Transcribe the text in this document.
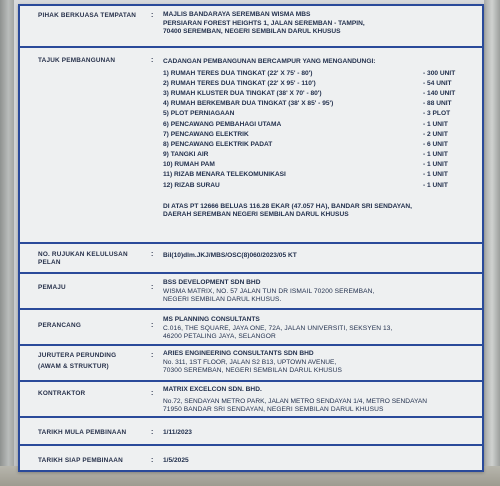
PIHAK BERKUASA TEMPATAN	: MAJLIS BANDARAYA SEREMBAN WISMA MBS
PERSIARAN FOREST HEIGHTS 1, JALAN SEREMBAN - TAMPIN,
70400 SEREMBAN, NEGERI SEMBILAN DARUL KHUSUS
TAJUK PEMBANGUNAN	: CADANGAN PEMBANGUNAN BERCAMPUR YANG MENGANDUNGI:
1) RUMAH TERES DUA TINGKAT (22' X 75' - 80')	- 300 UNIT
2) RUMAH TERES DUA TINGKAT (22' X 95' - 110')	- 54 UNIT
3) RUMAH KLUSTER DUA TINGKAT (38' X 70' - 80')	- 140 UNIT
4) RUMAH BERKEMBAR DUA TINGKAT (38' X 85' - 95')	- 88 UNIT
5) PLOT PERNIAGAAN	- 3 PLOT
6) PENCAWANG PEMBAHAGI UTAMA	- 1 UNIT
7) PENCAWANG ELEKTRIK	- 2 UNIT
8) PENCAWANG ELEKTRIK PADAT	- 6 UNIT
9) TANGKI AIR	- 1 UNIT
10) RUMAH PAM	- 1 UNIT
11) RIZAB MENARA TELEKOMUNIKASI	- 1 UNIT
12) RIZAB SURAU	- 1 UNIT
DI ATAS PT 12666 BELUAS 116.28 EKAR (47.057 HA), BANDAR SRI SENDAYAN,
DAERAH SEREMBAN NEGERI SEMBILAN DARUL KHUSUS
NO. RUJUKAN KELULUSAN
PELAN
: Bil(10)dlm.JKJ/MBS/OSC(8)060/2023/05 KT
PEMAJU	:
BSS DEVELOPMENT SDN BHD
WISMA MATRIX, NO. 57 JALAN TUN DR ISMAIL 70200 SEREMBAN,
NEGERI SEMBILAN DARUL KHUSUS.
PERANCANG	:
MS PLANNING CONSULTANTS
C.016, THE SQUARE, JAYA ONE, 72A, JALAN UNIVERSITI, SEKSYEN 13,
46200 PETALING JAYA, SELANGOR
JURUTERA PERUNDING
(AWAM & STRUKTUR)
: ARIES ENGINEERING CONSULTANTS SDN BHD
No. 311, 1ST FLOOR, JALAN S2 B13, UPTOWN AVENUE,
70300 SEREMBAN, NEGERI SEMBILAN DARUL KHUSUS
KONTRAKTOR	:
MATRIX EXCELCON SDN. BHD.
No.72, SENDAYAN METRO PARK, JALAN METRO SENDAYAN 1/4, METRO SENDAYAN
71950 BANDAR SRI SENDAYAN, NEGERI SEMBILAN DARUL KHUSUS
TARIKH MULA PEMBINAAN	: 1/11/2023
TARIKH SIAP PEMBINAAN	: 1/5/2025
